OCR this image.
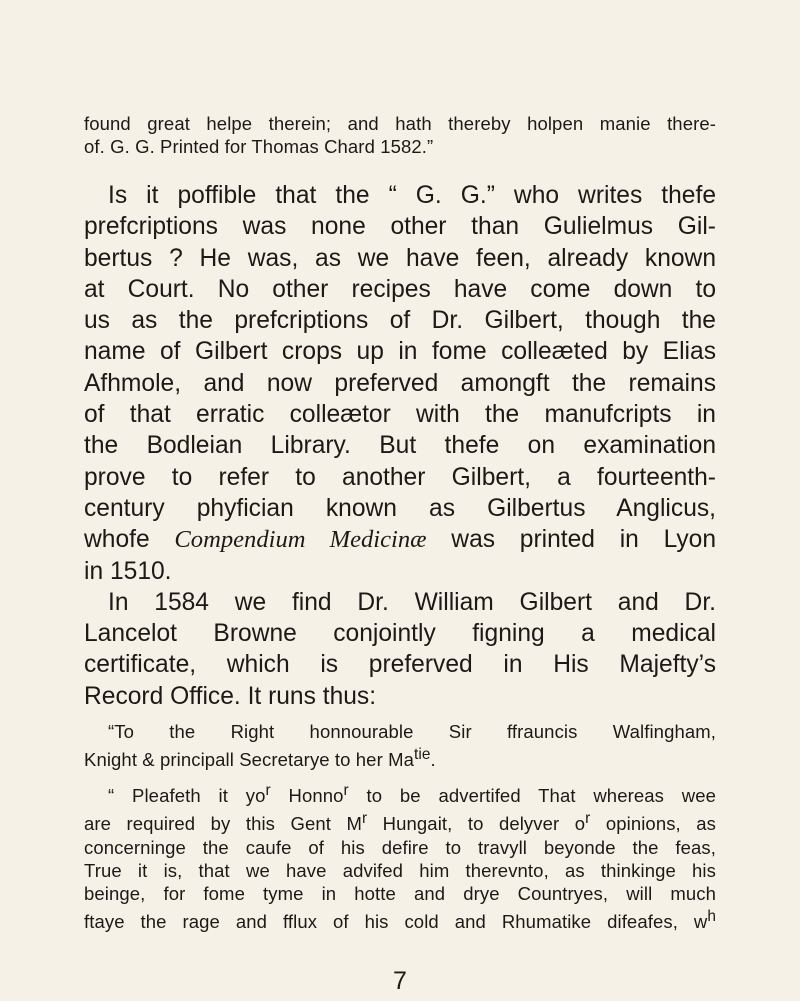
found great helpe therein; and hath thereby holpen manie there-
of. G. G. Printed for Thomas Chard 1582.”
Is it poffible that the “ G. G.” who writes thefe
prefcriptions was none other than Gulielmus Gil-
bertus ? He was, as we have feen, already known
at Court. No other recipes have come down to
us as the prefcriptions of Dr. Gilbert, though the
name of Gilbert crops up in fome colleæted by Elias
Afhmole, and now preferved amongft the remains
of that erratic colleætor with the manufcripts in
the Bodleian Library. But thefe on examination
prove to refer to another Gilbert, a fourteenth-
century phyfician known as Gilbertus Anglicus,
whofe Compendium Medicinæ was printed in Lyon
in 1510.
In 1584 we find Dr. William Gilbert and Dr.
Lancelot Browne conjointly figning a medical
certificate, which is preferved in His Majefty’s
Record Office. It runs thus:
“To the Right honnourable Sir ffrauncis Walfingham,
Knight & principall Secretarye to her $Ma^{tie}$.
“ Pleafeth it $yo^r$ Honno$^r$ to be advertifed That whereas wee
are required by this Gent $M^r$ Hungait, to delyver $o^r$ opinions, as
concerninge the caufe of his defire to travyll beyonde the feas,
True it is, that we have advifed him therevnto, as thinkinge his
beinge, for fome tyme in hotte and drye Countryes, will much
ftaye the rage and fflux of his cold and Rhumatike difeafes, $w^h$
7
